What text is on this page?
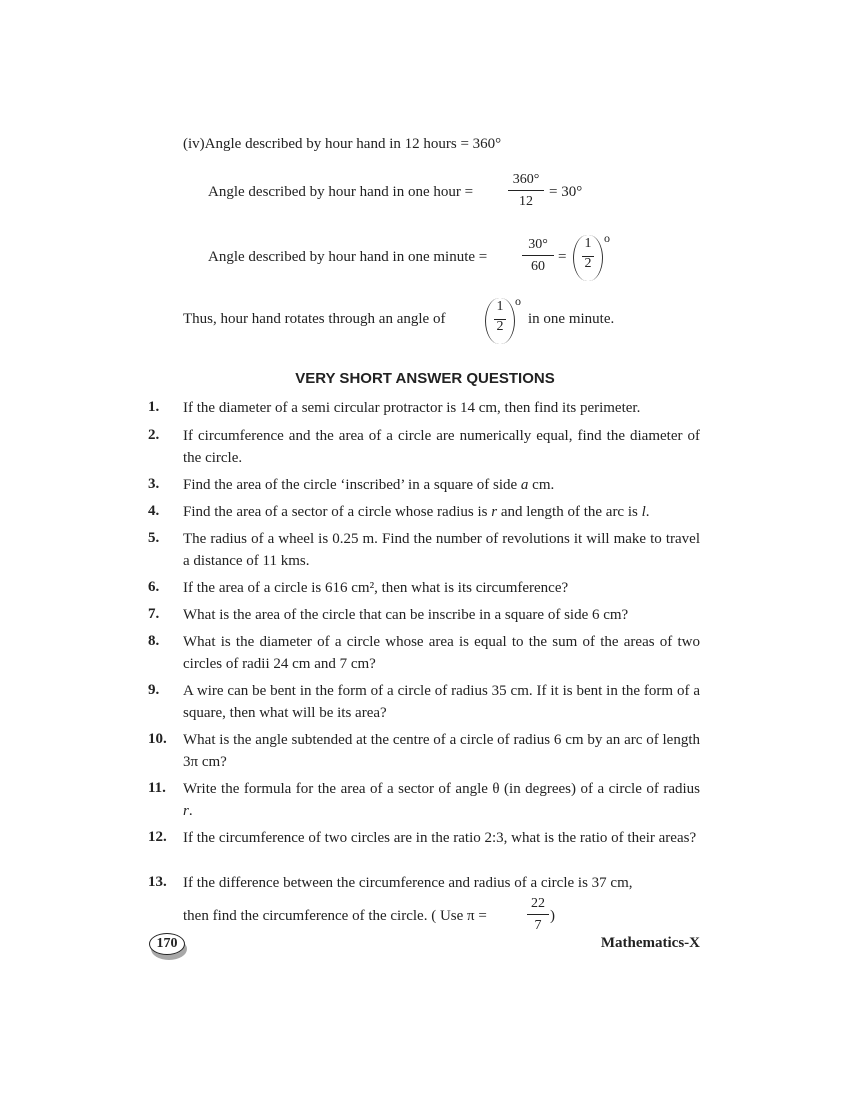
(iv)Angle described by hour hand in 12 hours = 360°
Angle described by hour hand in one hour = $\frac{360^\circ}{12} = 30^\circ$
Angle described by hour hand in one minute = $\frac{30^\circ}{60}$ =
1
2
o
Thus, hour hand rotates through an angle of
1
2
o
in one minute.
VERY SHORT ANSWER QUESTIONS
1. If the diameter of a semi circular protractor is 14 cm, then find its perimeter.
2. If circumference and the area of a circle are numerically equal, find the diameter of the circle.
3. Find the area of the circle ‘inscribed’ in a square of side a cm.
4. Find the area of a sector of a circle whose radius is r and length of the arc is l.
5. The radius of a wheel is 0.25 m. Find the number of revolutions it will make to travel a distance of 11 kms.
6. If the area of a circle is 616 cm², then what is its circumference?
7. What is the area of the circle that can be inscribe in a square of side 6 cm?
8. What is the diameter of a circle whose area is equal to the sum of the areas of two circles of radii 24 cm and 7 cm?
9. A wire can be bent in the form of a circle of radius 35 cm. If it is bent in the form of a square, then what will be its area?
10. What is the angle subtended at the centre of a circle of radius 6 cm by an arc of length 3π cm?
11. Write the formula for the area of a sector of angle θ (in degrees) of a circle of radius r.
12. If the circumference of two circles are in the ratio 2:3, what is the ratio of their areas?
13. If the difference between the circumference and radius of a circle is 37 cm,
then find the circumference of the circle. ( Use π =	$\frac{22}{7}$ )
170	Mathematics-X
